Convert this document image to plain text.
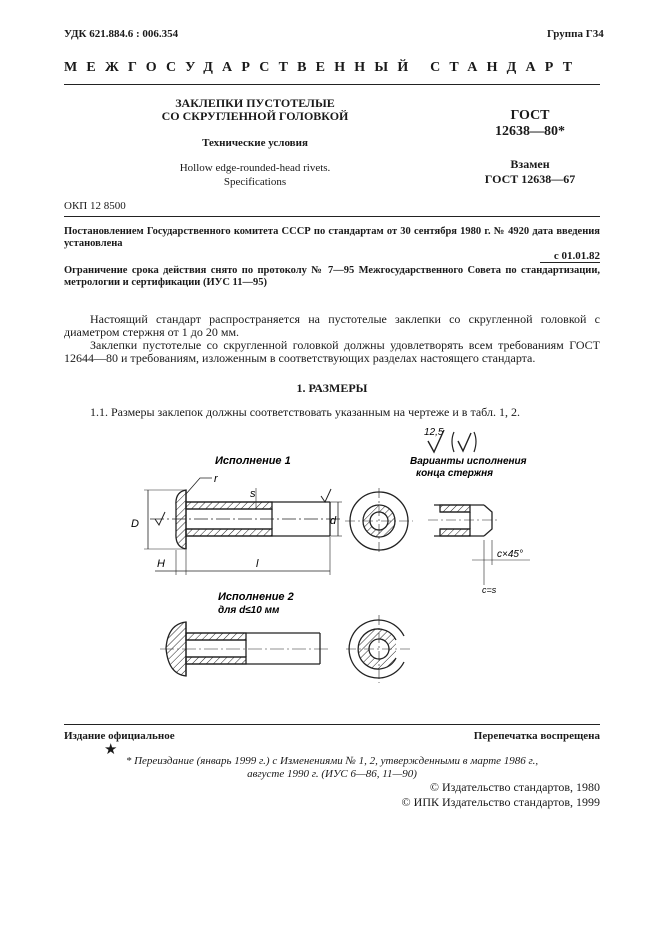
УДК 621.884.6 : 006.354	Группа Г34
МЕЖГОСУДАРСТВЕННЫЙ СТАНДАРТ
ЗАКЛЕПКИ ПУСТОТЕЛЫЕ
СО СКРУГЛЕННОЙ ГОЛОВКОЙ
Технические условия
Hollow edge-rounded-head rivets.
Specifications
ГОСТ
12638—80*
Взамен
ГОСТ 12638—67
ОКП 12 8500
Постановлением Государственного комитета СССР по стандартам от 30 сентября 1980 г. № 4920 дата введения установлена
с 01.01.82
Ограничение срока действия снято по протоколу № 7—95 Межгосударственного Совета по стандартизации, метрологии и сертификации (ИУС 11—95)
Настоящий стандарт распространяется на пустотелые заклепки со скругленной головкой с диаметром стержня от 1 до 20 мм.
Заклепки пустотелые со скругленной головкой должны удовлетворять всем требованиям ГОСТ 12644—80 и требованиям, изложенным в соответствующих разделах настоящего стандарта.
1. РАЗМЕРЫ
1.1. Размеры заклепок должны соответствовать указанным на чертеже и в табл. 1, 2.
12,5
Исполнение 1	Варианты исполнения
конца стержня
D	d
r
s
l
H
c×45°
c=s
Исполнение 2
для d≤10 мм
Издание официальное	Перепечатка воспрещена
★
* Переиздание (январь 1999 г.) с Изменениями № 1, 2, утвержденными в марте 1986 г.,
августе 1990 г. (ИУС 6—86, 11—90)
© Издательство стандартов, 1980
© ИПК Издательство стандартов, 1999
